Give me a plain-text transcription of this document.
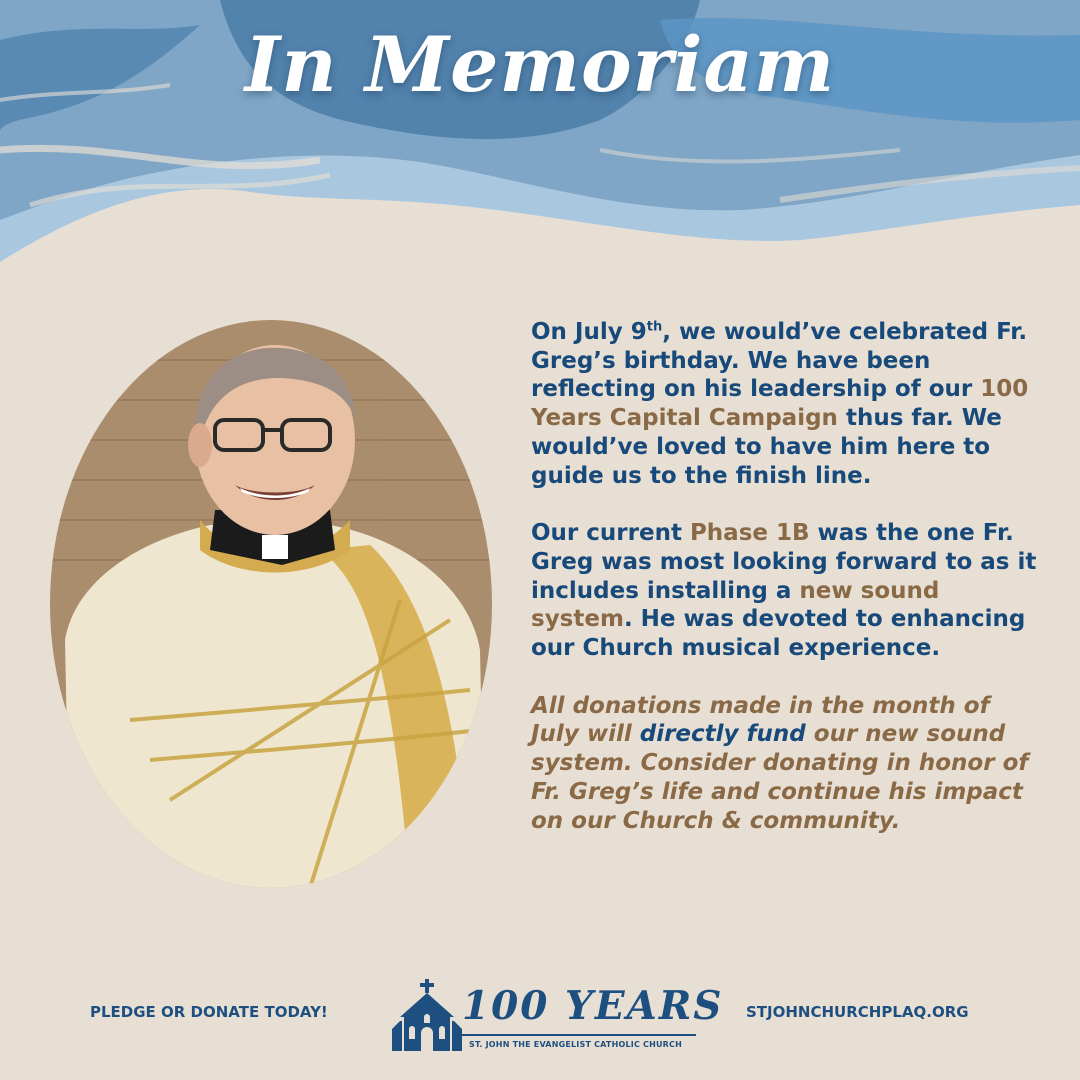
In Memoriam

On July 9th, we would’ve celebrated Fr. Greg’s birthday. We have been reflecting on his leadership of our 100 Years Capital Campaign thus far. We would’ve loved to have him here to guide us to the finish line.

Our current Phase 1B was the one Fr. Greg was most looking forward to as it includes installing a new sound system. He was devoted to enhancing our Church musical experience.

All donations made in the month of July will directly fund our new sound system. Consider donating in honor of Fr. Greg’s life and continue his impact on our Church & community.

PLEDGE OR DONATE TODAY!	100 YEARS
ST. JOHN THE EVANGELIST CATHOLIC CHURCH
STJOHNCHURCHPLAQ.ORG
